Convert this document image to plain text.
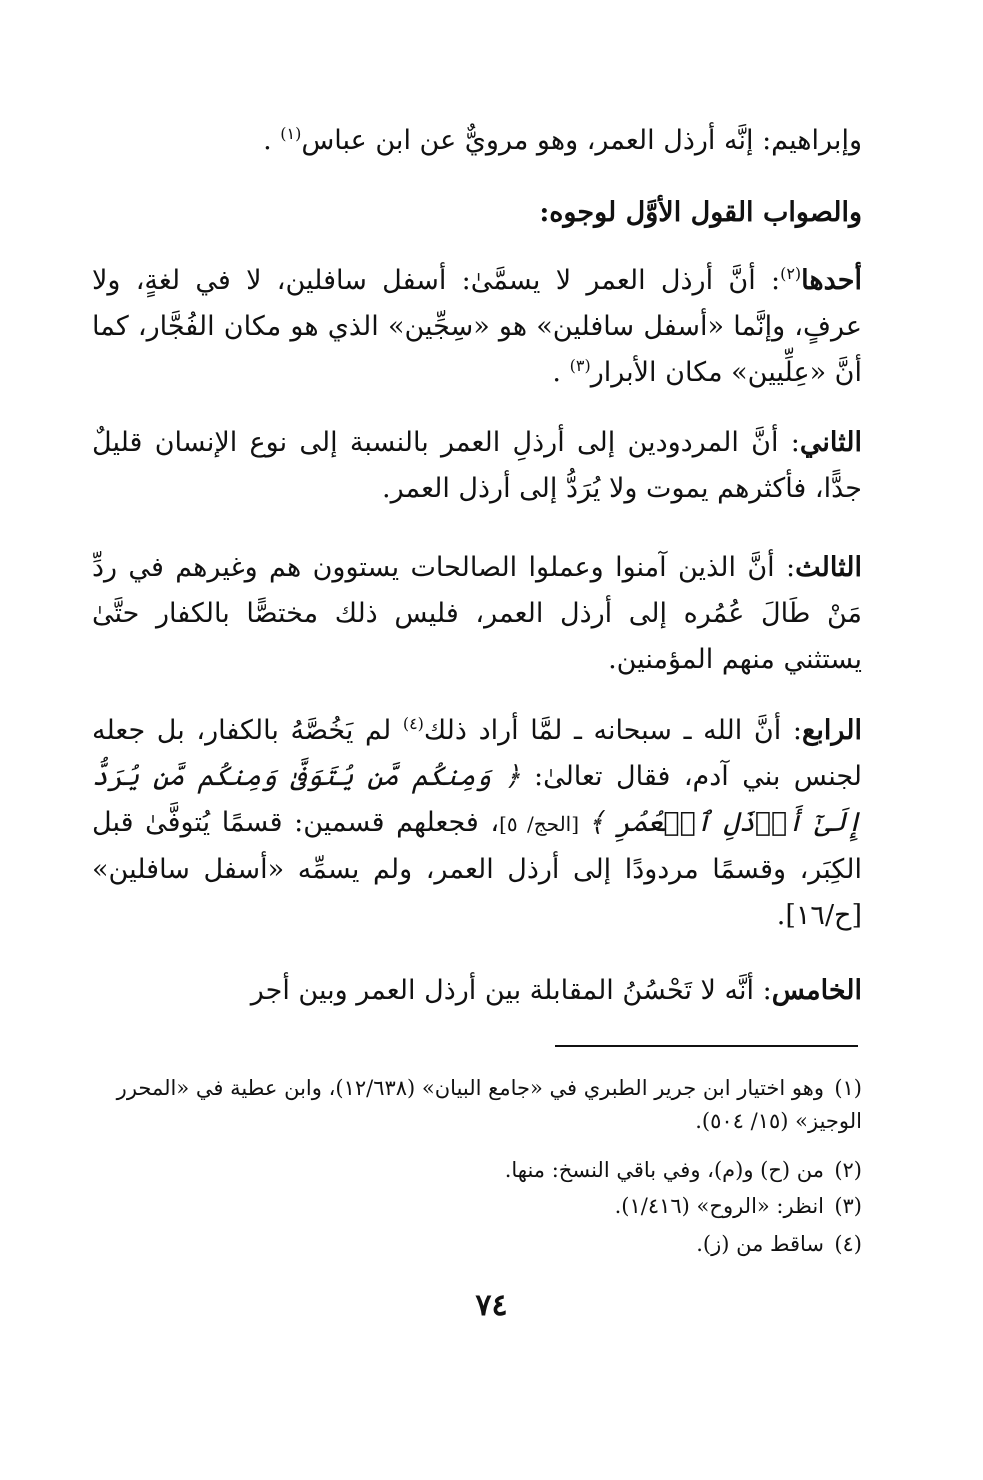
وإبراهيم: إنَّه أرذل العمر، وهو مرويٌّ عن ابن عباس$^{(١)}$ .
والصواب القول الأوَّل لوجوه:
أحدها$^{(٢)}$: أنَّ أرذل العمر لا يسمَّىٰ: أسفل سافلين، لا في لغةٍ، ولا عرفٍ، وإنَّما «أسفل سافلين» هو «سِجِّين» الذي هو مكان الفُجَّار، كما أنَّ «عِلِّيين» مكان الأبرار$^{(٣)}$ .
الثاني: أنَّ المردودين إلى أرذلِ العمر بالنسبة إلى نوع الإنسان قليلٌ جدًّا، فأكثرهم يموت ولا يُرَدُّ إلى أرذل العمر.
الثالث: أنَّ الذين آمنوا وعملوا الصالحات يستوون هم وغيرهم في ردِّ مَنْ طَالَ عُمُره إلى أرذل العمر، فليس ذلك مختصًّا بالكفار حتَّىٰ يستثني منهم المؤمنين.
الرابع: أنَّ الله ـ سبحانه ـ لمَّا أراد ذلك$^{(٤)}$ لم يَخُصَّهُ بالكفار، بل جعله لجنس بني آدم، فقال تعالىٰ: ﴿ وَمِنكُم مَّن يُتَوَفَّىٰ وَمِنكُم مَّن يُرَدُّ إِلَىٰٓ أَرۡذَلِ ٱلۡعُمُرِ ﴾ [الحج/ ٥]، فجعلهم قسمين: قسمًا يُتوفَّىٰ قبل الكِبَر، وقسمًا مردودًا إلى أرذل العمر، ولم يسمِّه «أسفل سافلين» [ح/١٦].
الخامس: أنَّه لا تَحْسُنُ المقابلة بين أرذل العمر وبين أجر
(١)وهو اختيار ابن جرير الطبري في «جامع البيان» (١٢/٦٣٨)، وابن عطية في «المحرر الوجيز» (١٥/ ٥٠٤).
(٢)من (ح) و(م)، وفي باقي النسخ: منها.
(٣)انظر: «الروح» (١/٤١٦).
(٤)ساقط من (ز).
٧٤
